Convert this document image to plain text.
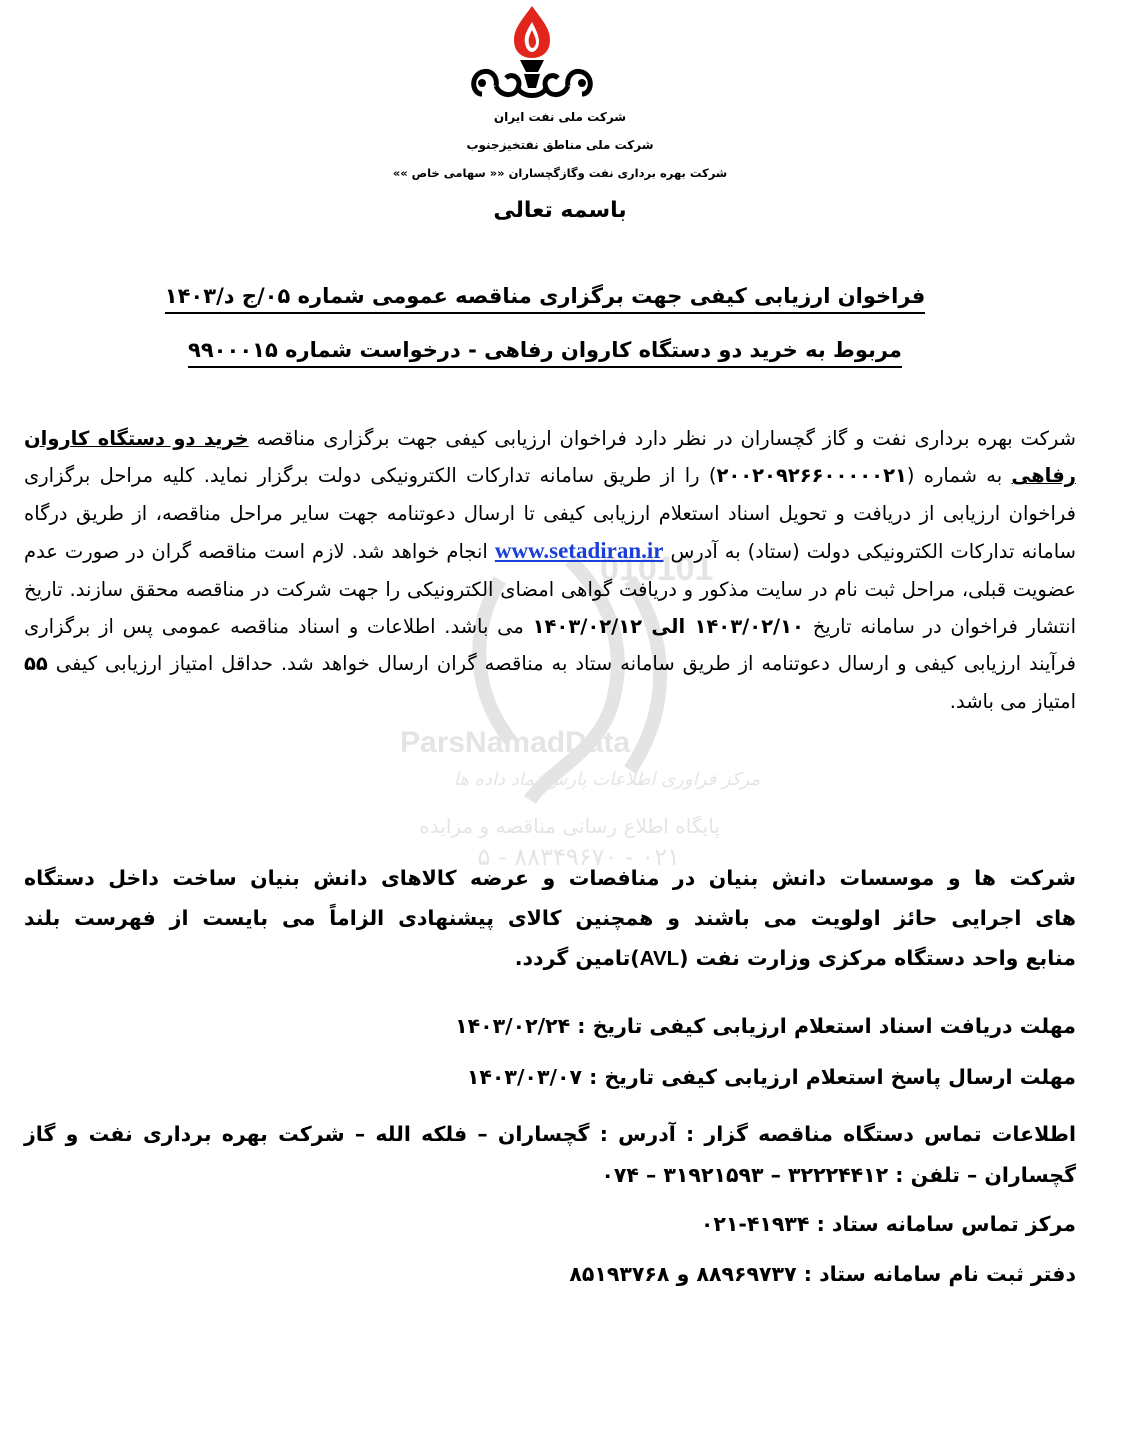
شرکت ملی نفت ایران
شرکت ملی مناطق نفتخیزجنوب
شرکت بهره برداری نفت وگازگچساران «« سهامی خاص »»
باسمه تعالی
فراخوان ارزیابی کیفی جهت برگزاری مناقصه عمومی شماره ۰۵/ج د/۱۴۰۳
مربوط به خرید دو دستگاه کاروان رفاهی - درخواست شماره ۹۹۰۰۰۱۵
010101
ParsNamadData
مرکز فراوری اطلاعات پارس نماد داده ها
پایگاه اطلاع رسانی مناقصه و مزایده
۰۲۱ - ۸۸۳۴۹۶۷۰ - ۵
شرکت بهره برداری نفت و گاز گچساران در نظر دارد فراخوان ارزیابی کیفی جهت برگزاری مناقصه خرید دو دستگاه کاروان رفاهی به شماره (۲۰۰۲۰۹۲۶۶۰۰۰۰۰۲۱) را از طریق سامانه تدارکات الکترونیکی دولت برگزار نماید. کلیه مراحل برگزاری فراخوان ارزیابی از دریافت و تحویل اسناد استعلام ارزیابی کیفی تا ارسال دعوتنامه جهت سایر مراحل مناقصه، از طریق درگاه سامانه تدارکات الکترونیکی دولت (ستاد) به آدرس www.setadiran.ir انجام خواهد شد. لازم است مناقصه گران در صورت عدم عضویت قبلی، مراحل ثبت نام در سایت مذکور و دریافت گواهی امضای الکترونیکی را جهت شرکت در مناقصه محقق سازند. تاریخ انتشار فراخوان در سامانه تاریخ ۱۴۰۳/۰۲/۱۰ الی ۱۴۰۳/۰۲/۱۲ می باشد. اطلاعات و اسناد مناقصه عمومی پس از برگزاری فرآیند ارزیابی کیفی و ارسال دعوتنامه از طریق سامانه ستاد به مناقصه گران ارسال خواهد شد. حداقل امتیاز ارزیابی کیفی ۵۵ امتیاز می باشد.
شرکت ها و موسسات دانش بنیان در منافصات و عرضه کالاهای دانش بنیان ساخت داخل دستگاه
های اجرایی حائز اولویت می باشند و همچنین کالای پیشنهادی الزاماً می بایست از فهرست بلند
منابع واحد دستگاه مرکزی وزارت نفت (AVL)تامین گردد.
مهلت دریافت اسناد استعلام ارزیابی کیفی تاریخ : ۱۴۰۳/۰۲/۲۴
مهلت ارسال پاسخ استعلام ارزیابی کیفی تاریخ : ۱۴۰۳/۰۳/۰۷
اطلاعات تماس دستگاه مناقصه گزار : آدرس : گچساران – فلکه الله – شرکت بهره برداری نفت و گاز
گچساران – تلفن : ۳۲۲۲۴۴۱۲ – ۳۱۹۲۱۵۹۳ – ۰۷۴
مرکز تماس سامانه ستاد : ۴۱۹۳۴-۰۲۱
دفتر ثبت نام سامانه ستاد : ۸۸۹۶۹۷۳۷ و ۸۵۱۹۳۷۶۸
